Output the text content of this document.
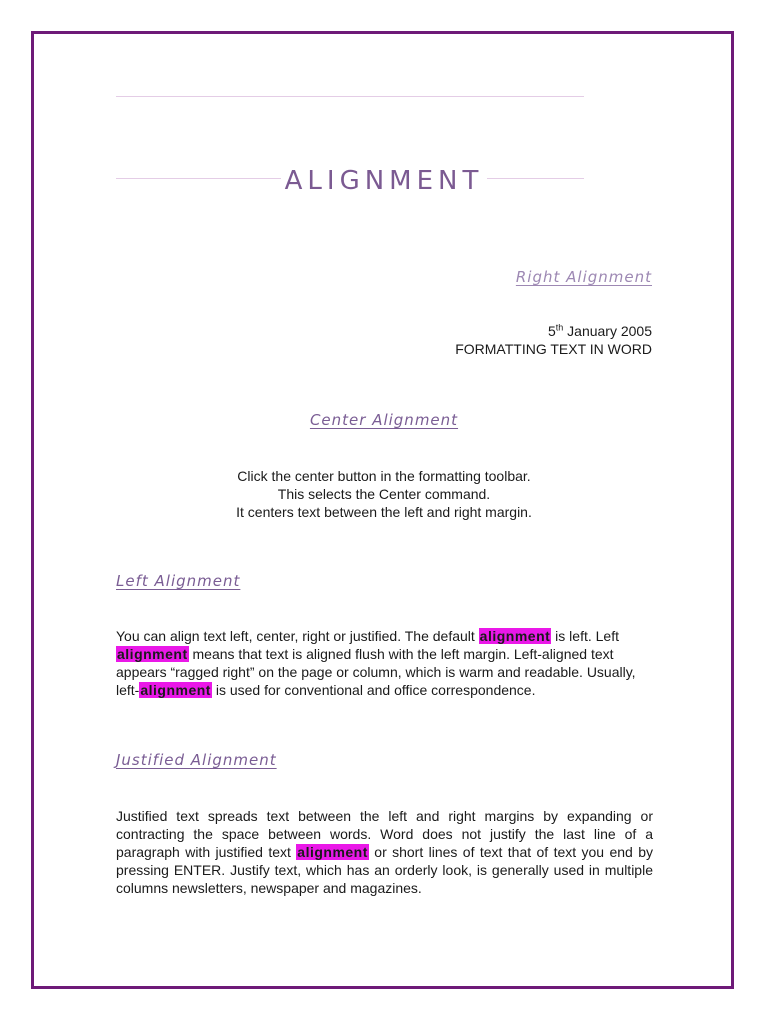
ALIGNMENT
Right Alignment
5th January 2005
FORMATTING TEXT IN WORD
Center Alignment
Click the center button in the formatting toolbar.
This selects the Center command.
It centers text between the left and right margin.
Left Alignment
You can align text left, center, right or justified. The default alignment is left. Left alignment means that text is aligned flush with the left margin. Left-aligned text appears “ragged right” on the page or column, which is warm and readable. Usually, left-alignment is used for conventional and office correspondence.
Justified Alignment
Justified text spreads text between the left and right margins by expanding or contracting the space between words. Word does not justify the last line of a paragraph with justified text alignment or short lines of text that of text you end by pressing ENTER. Justify text, which has an orderly look, is generally used in multiple columns newsletters, newspaper and magazines.
